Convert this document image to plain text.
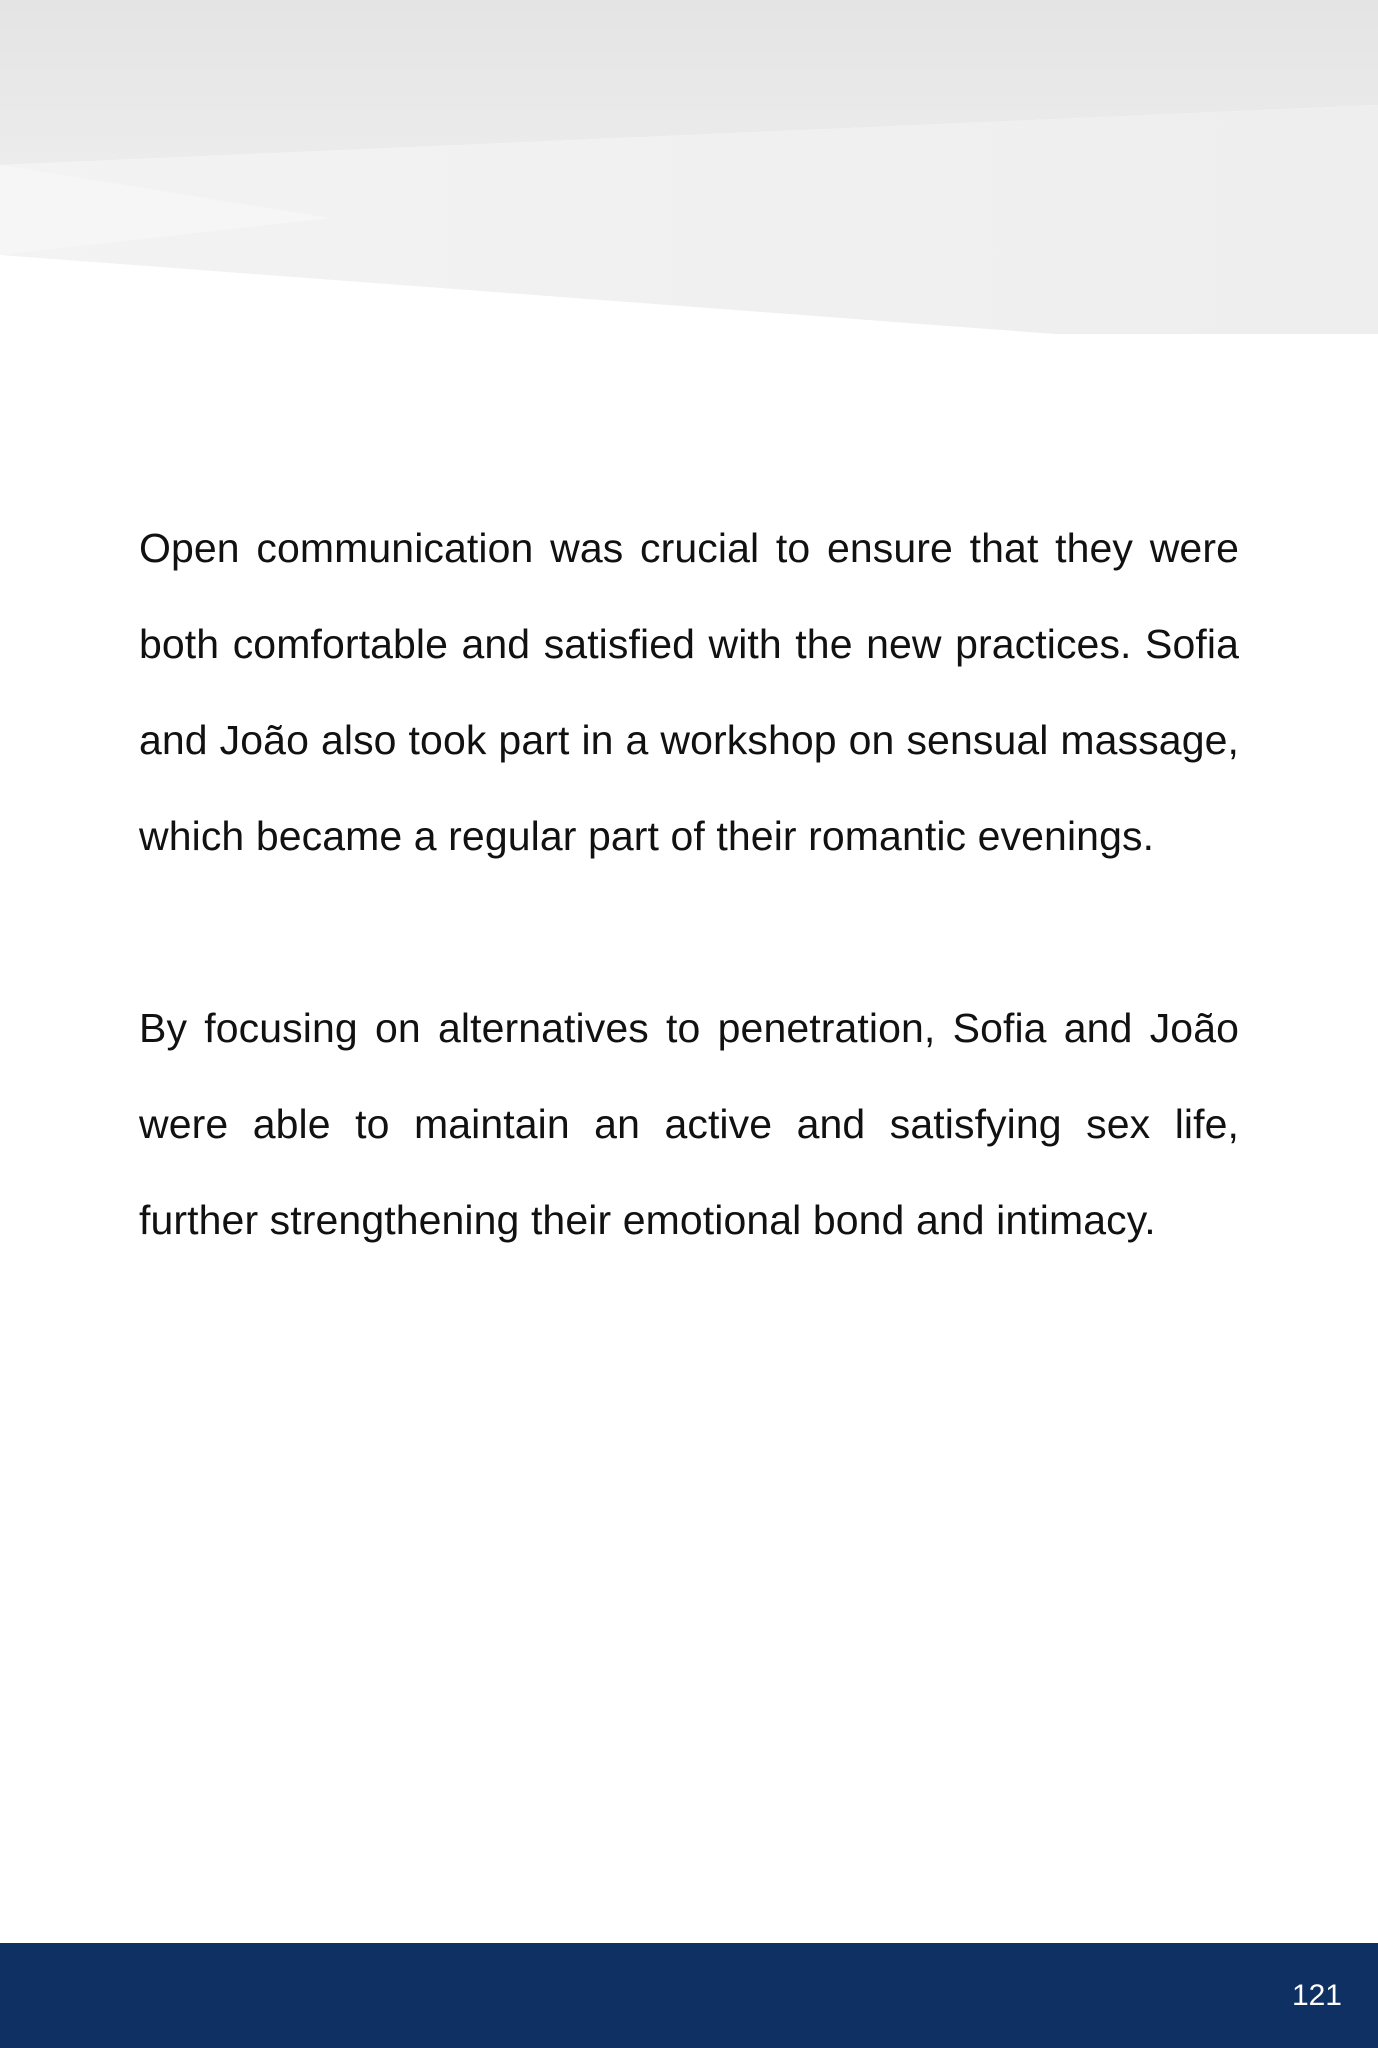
Open communication was crucial to ensure that they were both comfortable and satisfied with the new practices. Sofia and João also took part in a workshop on sensual massage, which became a regular part of their romantic evenings.

By focusing on alternatives to penetration, Sofia and João were able to maintain an active and satisfying sex life, further strengthening their emotional bond and intimacy.

121
